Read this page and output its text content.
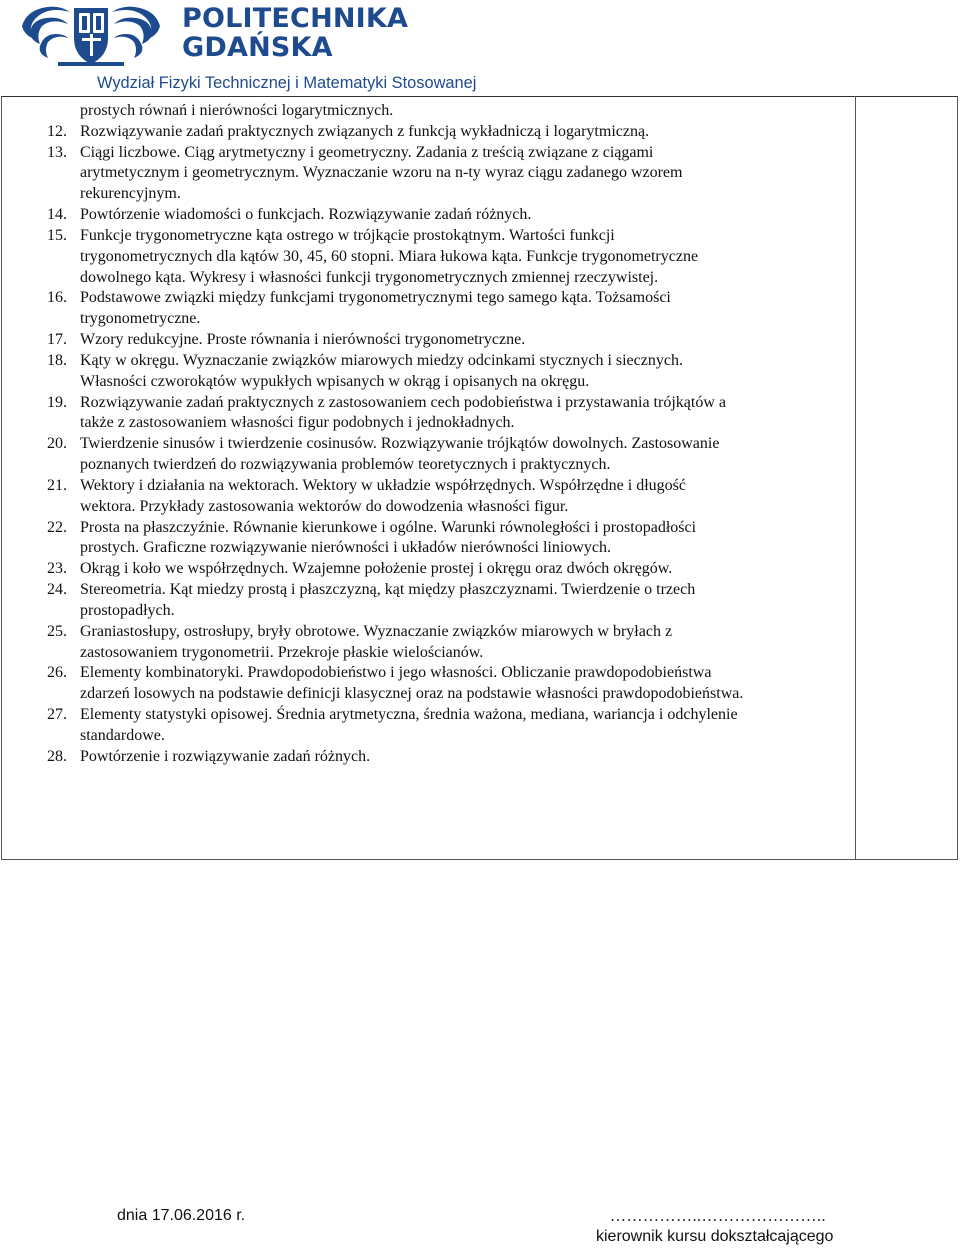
POLITECHNIKA
GDAŃSKA
Wydział Fizyki Technicznej i Matematyki Stosowanej
prostych równań i nierówności logarytmicznych.
12. Rozwiązywanie zadań praktycznych związanych z funkcją wykładniczą i logarytmiczną.
13. Ciągi liczbowe. Ciąg arytmetyczny i geometryczny. Zadania z treścią związane z ciągami
arytmetycznym i geometrycznym. Wyznaczanie wzoru na n-ty wyraz ciągu zadanego wzorem
rekurencyjnym.
14. Powtórzenie wiadomości o funkcjach. Rozwiązywanie zadań różnych.
15. Funkcje trygonometryczne kąta ostrego w trójkącie prostokątnym. Wartości funkcji
trygonometrycznych dla kątów 30, 45, 60 stopni. Miara łukowa kąta. Funkcje trygonometryczne
dowolnego kąta. Wykresy i własności funkcji trygonometrycznych zmiennej rzeczywistej.
16. Podstawowe związki między funkcjami trygonometrycznymi tego samego kąta. Tożsamości
trygonometryczne.
17. Wzory redukcyjne. Proste równania i nierówności trygonometryczne.
18. Kąty w okręgu. Wyznaczanie związków miarowych miedzy odcinkami stycznych i siecznych.
Własności czworokątów wypukłych wpisanych w okrąg i opisanych na okręgu.
19. Rozwiązywanie zadań praktycznych z zastosowaniem cech podobieństwa i przystawania trójkątów a
także z zastosowaniem własności figur podobnych i jednokładnych.
20. Twierdzenie sinusów i twierdzenie cosinusów. Rozwiązywanie trójkątów dowolnych. Zastosowanie
poznanych twierdzeń do rozwiązywania problemów teoretycznych i praktycznych.
21. Wektory i działania na wektorach. Wektory w układzie współrzędnych. Współrzędne i długość
wektora. Przykłady zastosowania wektorów do dowodzenia własności figur.
22. Prosta na płaszczyźnie. Równanie kierunkowe i ogólne. Warunki równoległości i prostopadłości
prostych. Graficzne rozwiązywanie nierówności i układów nierówności liniowych.
23. Okrąg i koło we współrzędnych. Wzajemne położenie prostej i okręgu oraz dwóch okręgów.
24. Stereometria. Kąt miedzy prostą i płaszczyzną, kąt między płaszczyznami. Twierdzenie o trzech
prostopadłych.
25. Graniastosłupy, ostrosłupy, bryły obrotowe. Wyznaczanie związków miarowych w bryłach z
zastosowaniem trygonometrii. Przekroje płaskie wielościanów.
26. Elementy kombinatoryki. Prawdopodobieństwo i jego własności. Obliczanie prawdopodobieństwa
zdarzeń losowych na podstawie definicji klasycznej oraz na podstawie własności prawdopodobieństwa.
27. Elementy statystyki opisowej. Średnia arytmetyczna, średnia ważona, mediana, wariancja i odchylenie
standardowe.
28. Powtórzenie i rozwiązywanie zadań różnych.
dnia 17.06.2016 r.	……………..…………………..
kierownik kursu dokształcającego
